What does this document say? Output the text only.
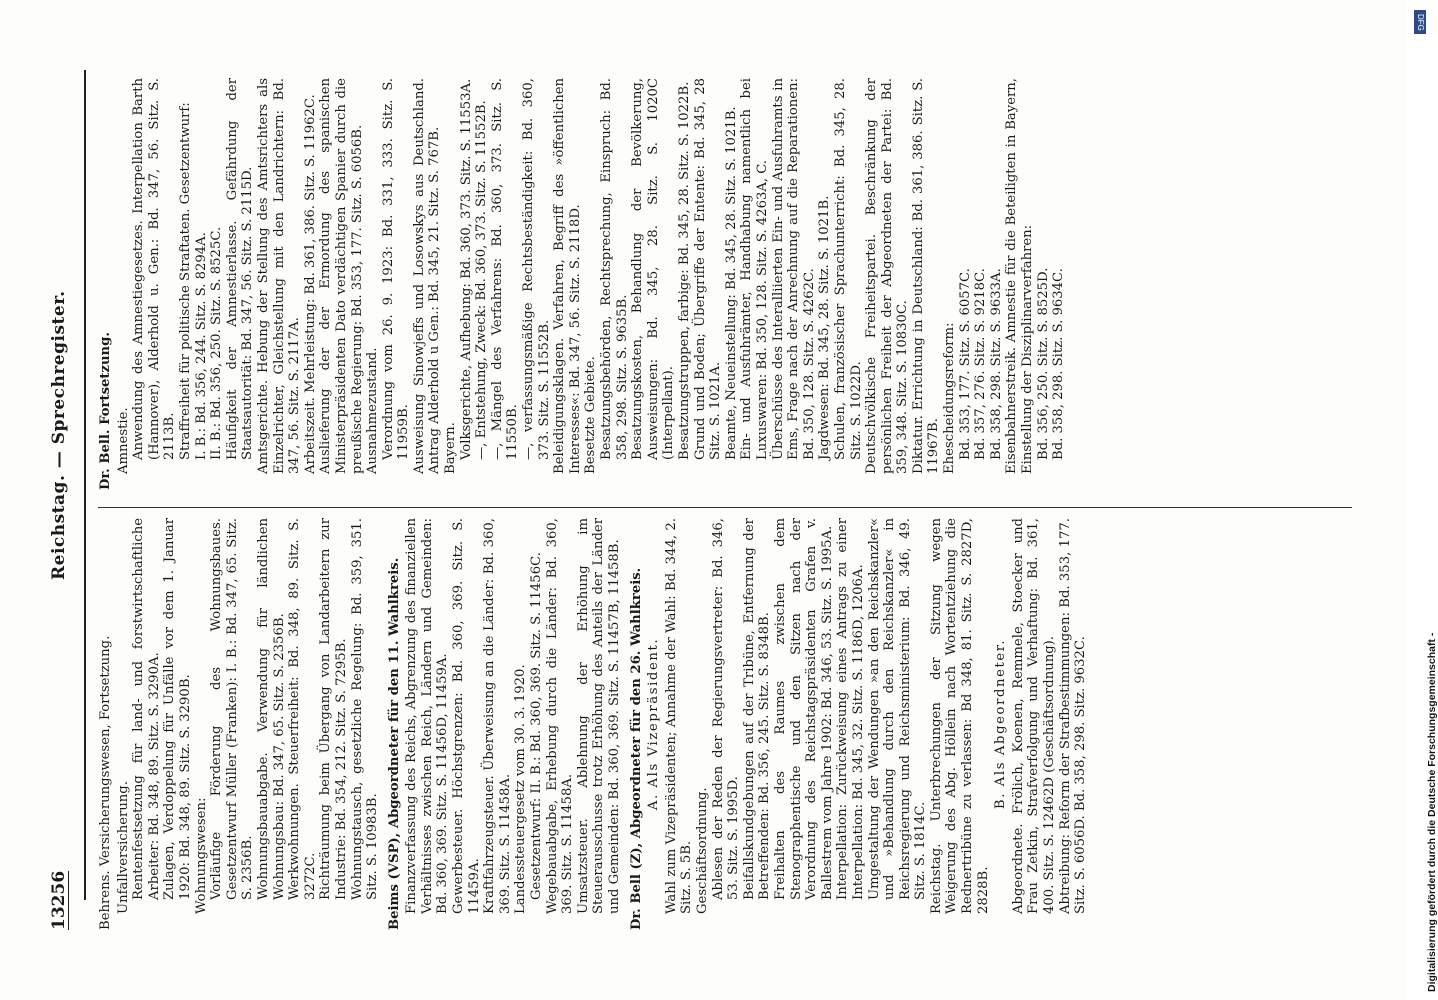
13256
Reichstag. — Sprechregister.

Behrens. Versicherungswesen, Fortsetzung. Unfallversicherung. Rentenfestsetzung für land- und forstwirtschaftliche Arbeiter: Bd. 348, 89. Sitz. S. 3290A. Zulagen, Verdoppelung für Unfälle vor dem 1. Januar 1920: Bd. 348, 89. Sitz. S. 3290B. Wohnungswesen: Vorläufige Förderung des Wohnungsbaues. Gesetzentwurf Müller (Franken): I. B.: Bd. 347, 65. Sitz. S. 2356B. Wohnungsbauabgabe. Verwendung für ländlichen Wohnungsbau: Bd. 347, 65. Sitz. S. 2356B. Werkwohnungen. Steuerfreiheit: Bd. 348, 89. Sitz. S. 3272C. Richträumung beim Übergang von Landarbeitern zur Industrie: Bd. 354, 212. Sitz. S. 7295B. Wohnungstausch, gesetzliche Regelung: Bd. 359, 351. Sitz. S. 10983B. Beims (VSP), Abgeordneter für den 11. Wahlkreis. Finanzverfassung des Reichs, Abgrenzung des finanziellen Verhältnisses zwischen Reich, Ländern und Gemeinden: Bd. 360, 369. Sitz. S. 11456D, 11459A. Gewerbesteuer. Höchstgrenzen: Bd. 360, 369. Sitz. S. 11459A. Kraftfahrzeugsteuer. Überweisung an die Länder: Bd. 360, 369. Sitz. S. 11458A. Landessteuergesetz vom 30. 3. 1920. Gesetzentwurf: II. B.: Bd. 360, 369. Sitz. S. 11456C. Wegebauabgabe, Erhebung durch die Länder: Bd. 360, 369. Sitz. S. 11458A. Umsatzsteuer. Ablehnung der Erhöhung im Steuerausschusse trotz Erhöhung des Anteils der Länder und Gemeinden: Bd. 360, 369. Sitz. S. 11457B, 11458B. Dr. Bell (Z), Abgeordneter für den 26. Wahlkreis. A. Als Vizepräsident. Wahl zum Vizepräsidenten; Annahme der Wahl: Bd. 344, 2. Sitz. S. 5B. Geschäftsordnung. Ablesen der Reden der Regierungsvertreter: Bd. 346, 53. Sitz. S. 1995D. Beifallskundgebungen auf der Tribüne, Entfernung der Betreffenden: Bd. 356, 245. Sitz. S. 8348B. Freihalten des Raumes zwischen dem Stenographentische und den Sitzen nach der Verordnung des Reichstagspräsidenten Grafen v. Ballestrem vom Jahre 1902: Bd. 346, 53. Sitz. S. 1995A. Interpellation: Zurückweisung eines Antrags zu einer Interpellation: Bd. 345, 32. Sitz. S. 1186D, 1206A. Umgestaltung der Wendungen »an den Reichskanzler« und »Behandlung durch den Reichskanzler« in Reichsregierung und Reichsministerium: Bd. 346, 49. Sitz. S. 1814C. Reichstag. Unterbrechungen der Sitzung wegen Weigerung des Abg. Höllein nach Wortentziehung die Rednertribüne zu verlassen: Bd 348, 81. Sitz. S. 2827D, 2828B.

B. Als Abgeordneter. Abgeordnete. Frölich, Koenen, Remmele, Stoecker und Frau Zetkin, Strafverfolgung und Verhaftung: Bd. 361, 400. Sitz. S. 12462D (Geschäftsordnung). Abtreibung: Reform der Strafbestimmungen: Bd. 353, 177. Sitz. S. 6056D. Bd. 358, 298. Sitz. 9632C.

Dr. Bell. Fortsetzung. Amnestie. Anwendung des Amnestiegesetzes. Interpellation Barth (Hannover), Alderhold u. Gen.: Bd. 347, 56. Sitz. S. 2113B. Straffreiheit für politische Straftaten. Gesetzentwurf: I. B.: Bd. 356, 244. Sitz. S. 8294A. II. B.: Bd. 356, 250. Sitz. S. 8525C. Häufigkeit der Amnestierlasse. Gefährdung der Staatsautorität: Bd. 347, 56. Sitz. S. 2115D. Amtsgerichte. Hebung der Stellung des Amtsrichters als Einzelrichter, Gleichstellung mit den Landrichtern: Bd. 347, 56. Sitz. S. 2117A. Arbeitszeit. Mehrleistung: Bd. 361, 386. Sitz. S. 11962C. Auslieferung der der Ermordung des spanischen Ministerpräsidenten Dato verdächtigen Spanier durch die preußische Regierung: Bd. 353, 177. Sitz. S. 6056B. Ausnahmezustand. Verordnung vom 26. 9. 1923: Bd. 331, 333. Sitz. S. 11959B. Ausweisung Sinowjeffs und Losowskys aus Deutschland. Antrag Alderhold u Gen.: Bd. 345, 21. Sitz. S. 767B. Bayern. Volksgerichte, Aufhebung: Bd. 360, 373. Sitz. S. 11553A. —, Entstehung, Zweck: Bd. 360, 373. Sitz. S. 11552B. —, Mängel des Verfahrens: Bd. 360, 373. Sitz. S. 11550B. —, verfassungsmäßige Rechtsbeständigkeit: Bd. 360, 373. Sitz. S. 11552B. Beleidigungsklagen. Verfahren, Begriff des »öffentlichen Interesses«: Bd. 347, 56. Sitz. S. 2118D. Besetzte Gebiete. Besatzungsbehörden, Rechtsprechung, Einspruch: Bd. 358, 298. Sitz. S. 9635B. Besatzungskosten, Behandlung der Bevölkerung, Ausweisungen: Bd. 345, 28. Sitz. S. 1020C (Interpellant). Besatzungstruppen, farbige: Bd. 345, 28. Sitz. S. 1022B. Grund und Boden; Übergriffe der Entente: Bd. 345, 28 Sitz. S. 1021A. Beamte, Neueinstellung: Bd. 345, 28. Sitz. S. 1021B. Ein- und Ausfuhrämter, Handhabung namentlich bei Luxuswaren: Bd. 350, 128. Sitz. S. 4263A, C. Überschüsse des Interalliierten Ein- und Ausfuhramts in Ems, Frage nach der Anrechnung auf die Reparationen: Bd. 350, 128. Sitz. S. 4262C. Jagdwesen: Bd. 345, 28. Sitz. S. 1021B. Schulen, französischer Sprachunterricht: Bd. 345, 28. Sitz. S. 1022D. Deutschvölkische Freiheitspartei. Beschränkung der persönlichen Freiheit der Abgeordneten der Partei: Bd. 359, 348. Sitz. S. 10830C. Diktatur. Errichtung in Deutschland: Bd. 361, 386. Sitz. S. 11967B. Ehescheidungsreform: Bd. 353, 177. Sitz. S. 6057C. Bd. 357, 276. Sitz. S. 9218C. Bd. 358, 298. Sitz. S. 9633A. Eisenbahnerstreik. Amnestie für die Beteiligten in Bayern, Einstellung der Disziplinarverfahren: Bd. 356, 250. Sitz. S. 8525D. Bd. 358, 298. Sitz. S. 9634C.

DFG
Digitalisierung gefördert durch die Deutsche Forschungsgemeinschaft -
